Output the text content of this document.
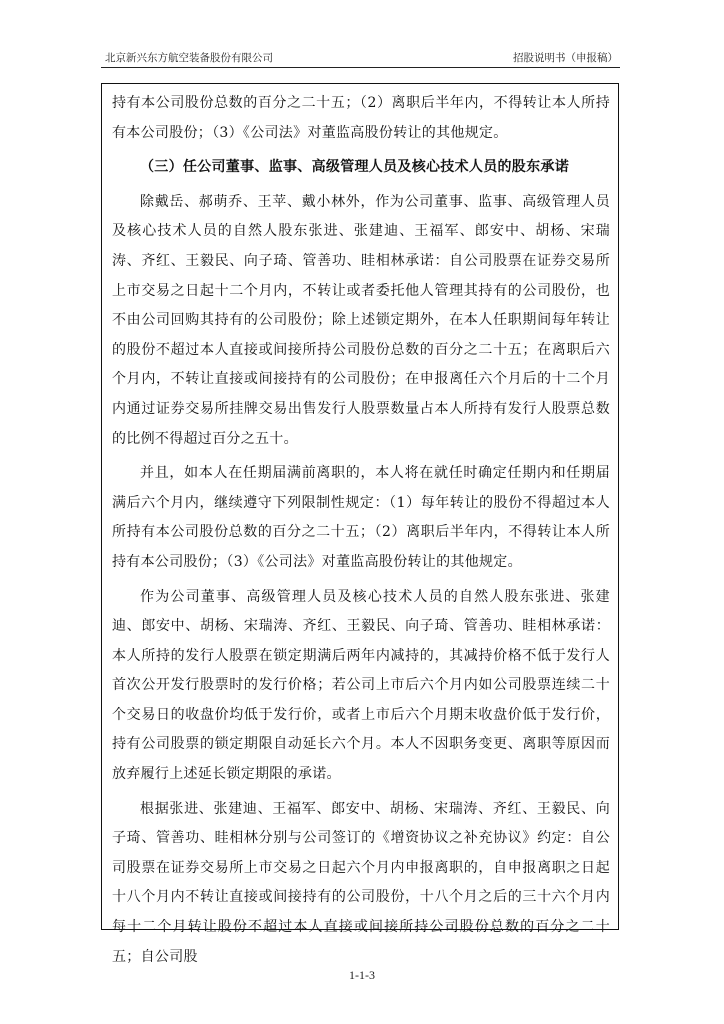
北京新兴东方航空装备股份有限公司	招股说明书（申报稿）

持有本公司股份总数的百分之二十五；（2）离职后半年内，不得转让本人所持有本公司股份；（3）《公司法》对董监高股份转让的其他规定。

（三）任公司董事、监事、高级管理人员及核心技术人员的股东承诺

除戴岳、郝萌乔、王苹、戴小林外，作为公司董事、监事、高级管理人员及核心技术人员的自然人股东张进、张建迪、王福军、郎安中、胡杨、宋瑞涛、齐红、王毅民、向子琦、管善功、眭相林承诺：自公司股票在证券交易所上市交易之日起十二个月内，不转让或者委托他人管理其持有的公司股份，也不由公司回购其持有的公司股份；除上述锁定期外，在本人任职期间每年转让的股份不超过本人直接或间接所持公司股份总数的百分之二十五；在离职后六个月内，不转让直接或间接持有的公司股份；在申报离任六个月后的十二个月内通过证券交易所挂牌交易出售发行人股票数量占本人所持有发行人股票总数的比例不得超过百分之五十。

并且，如本人在任期届满前离职的，本人将在就任时确定任期内和任期届满后六个月内，继续遵守下列限制性规定：（1）每年转让的股份不得超过本人所持有本公司股份总数的百分之二十五；（2）离职后半年内，不得转让本人所持有本公司股份；（3）《公司法》对董监高股份转让的其他规定。

作为公司董事、高级管理人员及核心技术人员的自然人股东张进、张建迪、郎安中、胡杨、宋瑞涛、齐红、王毅民、向子琦、管善功、眭相林承诺：本人所持的发行人股票在锁定期满后两年内减持的，其减持价格不低于发行人首次公开发行股票时的发行价格；若公司上市后六个月内如公司股票连续二十个交易日的收盘价均低于发行价，或者上市后六个月期末收盘价低于发行价，持有公司股票的锁定期限自动延长六个月。本人不因职务变更、离职等原因而放弃履行上述延长锁定期限的承诺。

根据张进、张建迪、王福军、郎安中、胡杨、宋瑞涛、齐红、王毅民、向子琦、管善功、眭相林分别与公司签订的《增资协议之补充协议》约定：自公司股票在证券交易所上市交易之日起六个月内申报离职的，自申报离职之日起十八个月内不转让直接或间接持有的公司股份，十八个月之后的三十六个月内每十二个月转让股份不超过本人直接或间接所持公司股份总数的百分之二十五；自公司股

1-1-3
